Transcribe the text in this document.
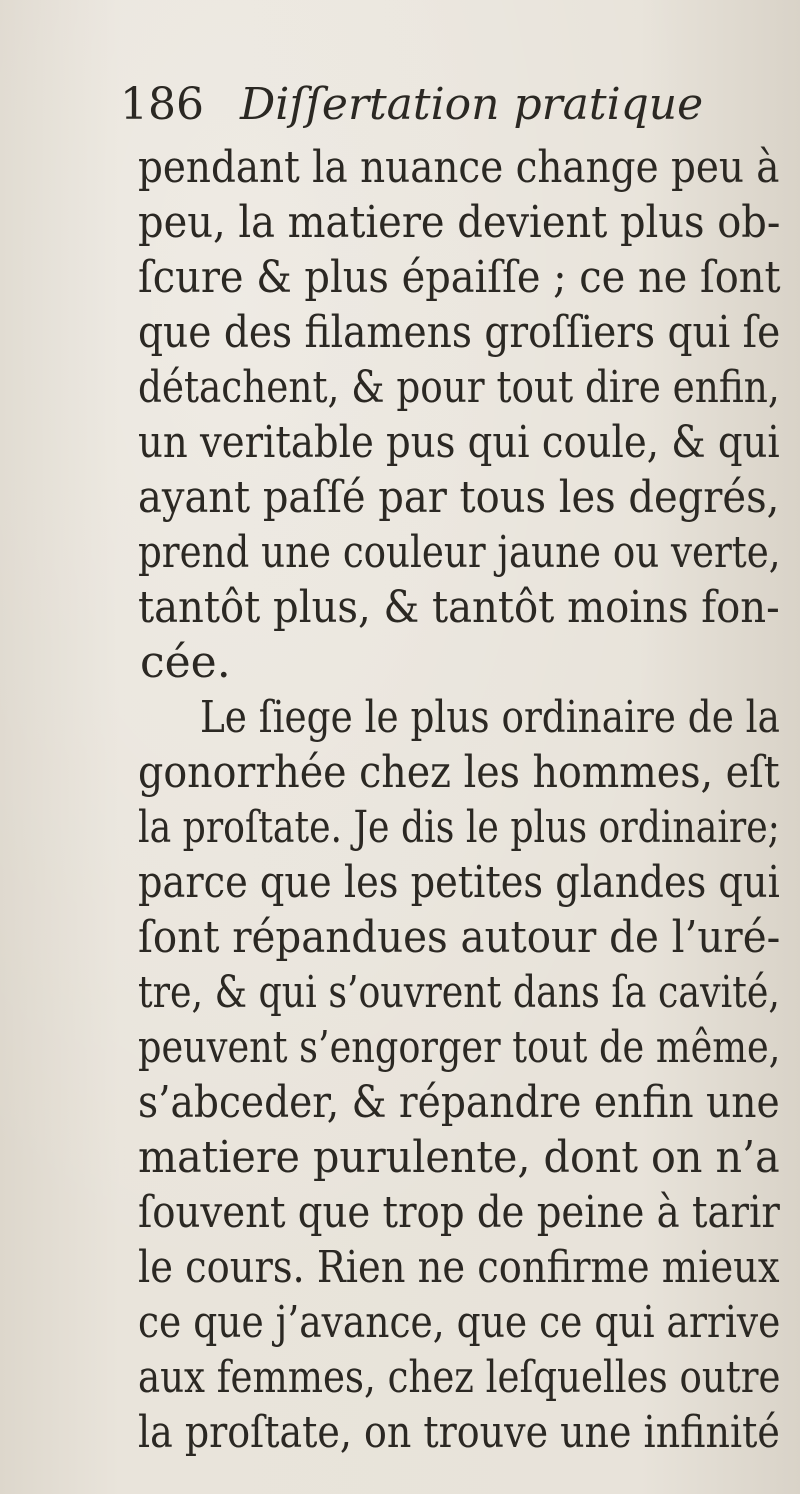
186 Diſſertation pratique
pendant la nuance change peu à
peu, la matiere devient plus ob-
ſcure & plus épaiſſe ; ce ne ſont
que des filamens groſſiers qui ſe
détachent, & pour tout dire enfin,
un veritable pus qui coule, & qui
ayant paſſé par tous les degrés,
prend une couleur jaune ou verte,
tantôt plus, & tantôt moins fon-
cée.
Le ſiege le plus ordinaire de la
gonorrhée chez les hommes, eſt
la proſtate. Je dis le plus ordinaire;
parce que les petites glandes qui
ſont répandues autour de l’uré-
tre, & qui s’ouvrent dans ſa cavité,
peuvent s’engorger tout de même,
s’abceder, & répandre enfin une
matiere purulente, dont on n’a
ſouvent que trop de peine à tarir
le cours. Rien ne confirme mieux
ce que j’avance, que ce qui arrive
aux femmes, chez leſquelles outre
la proſtate, on trouve une infinité
